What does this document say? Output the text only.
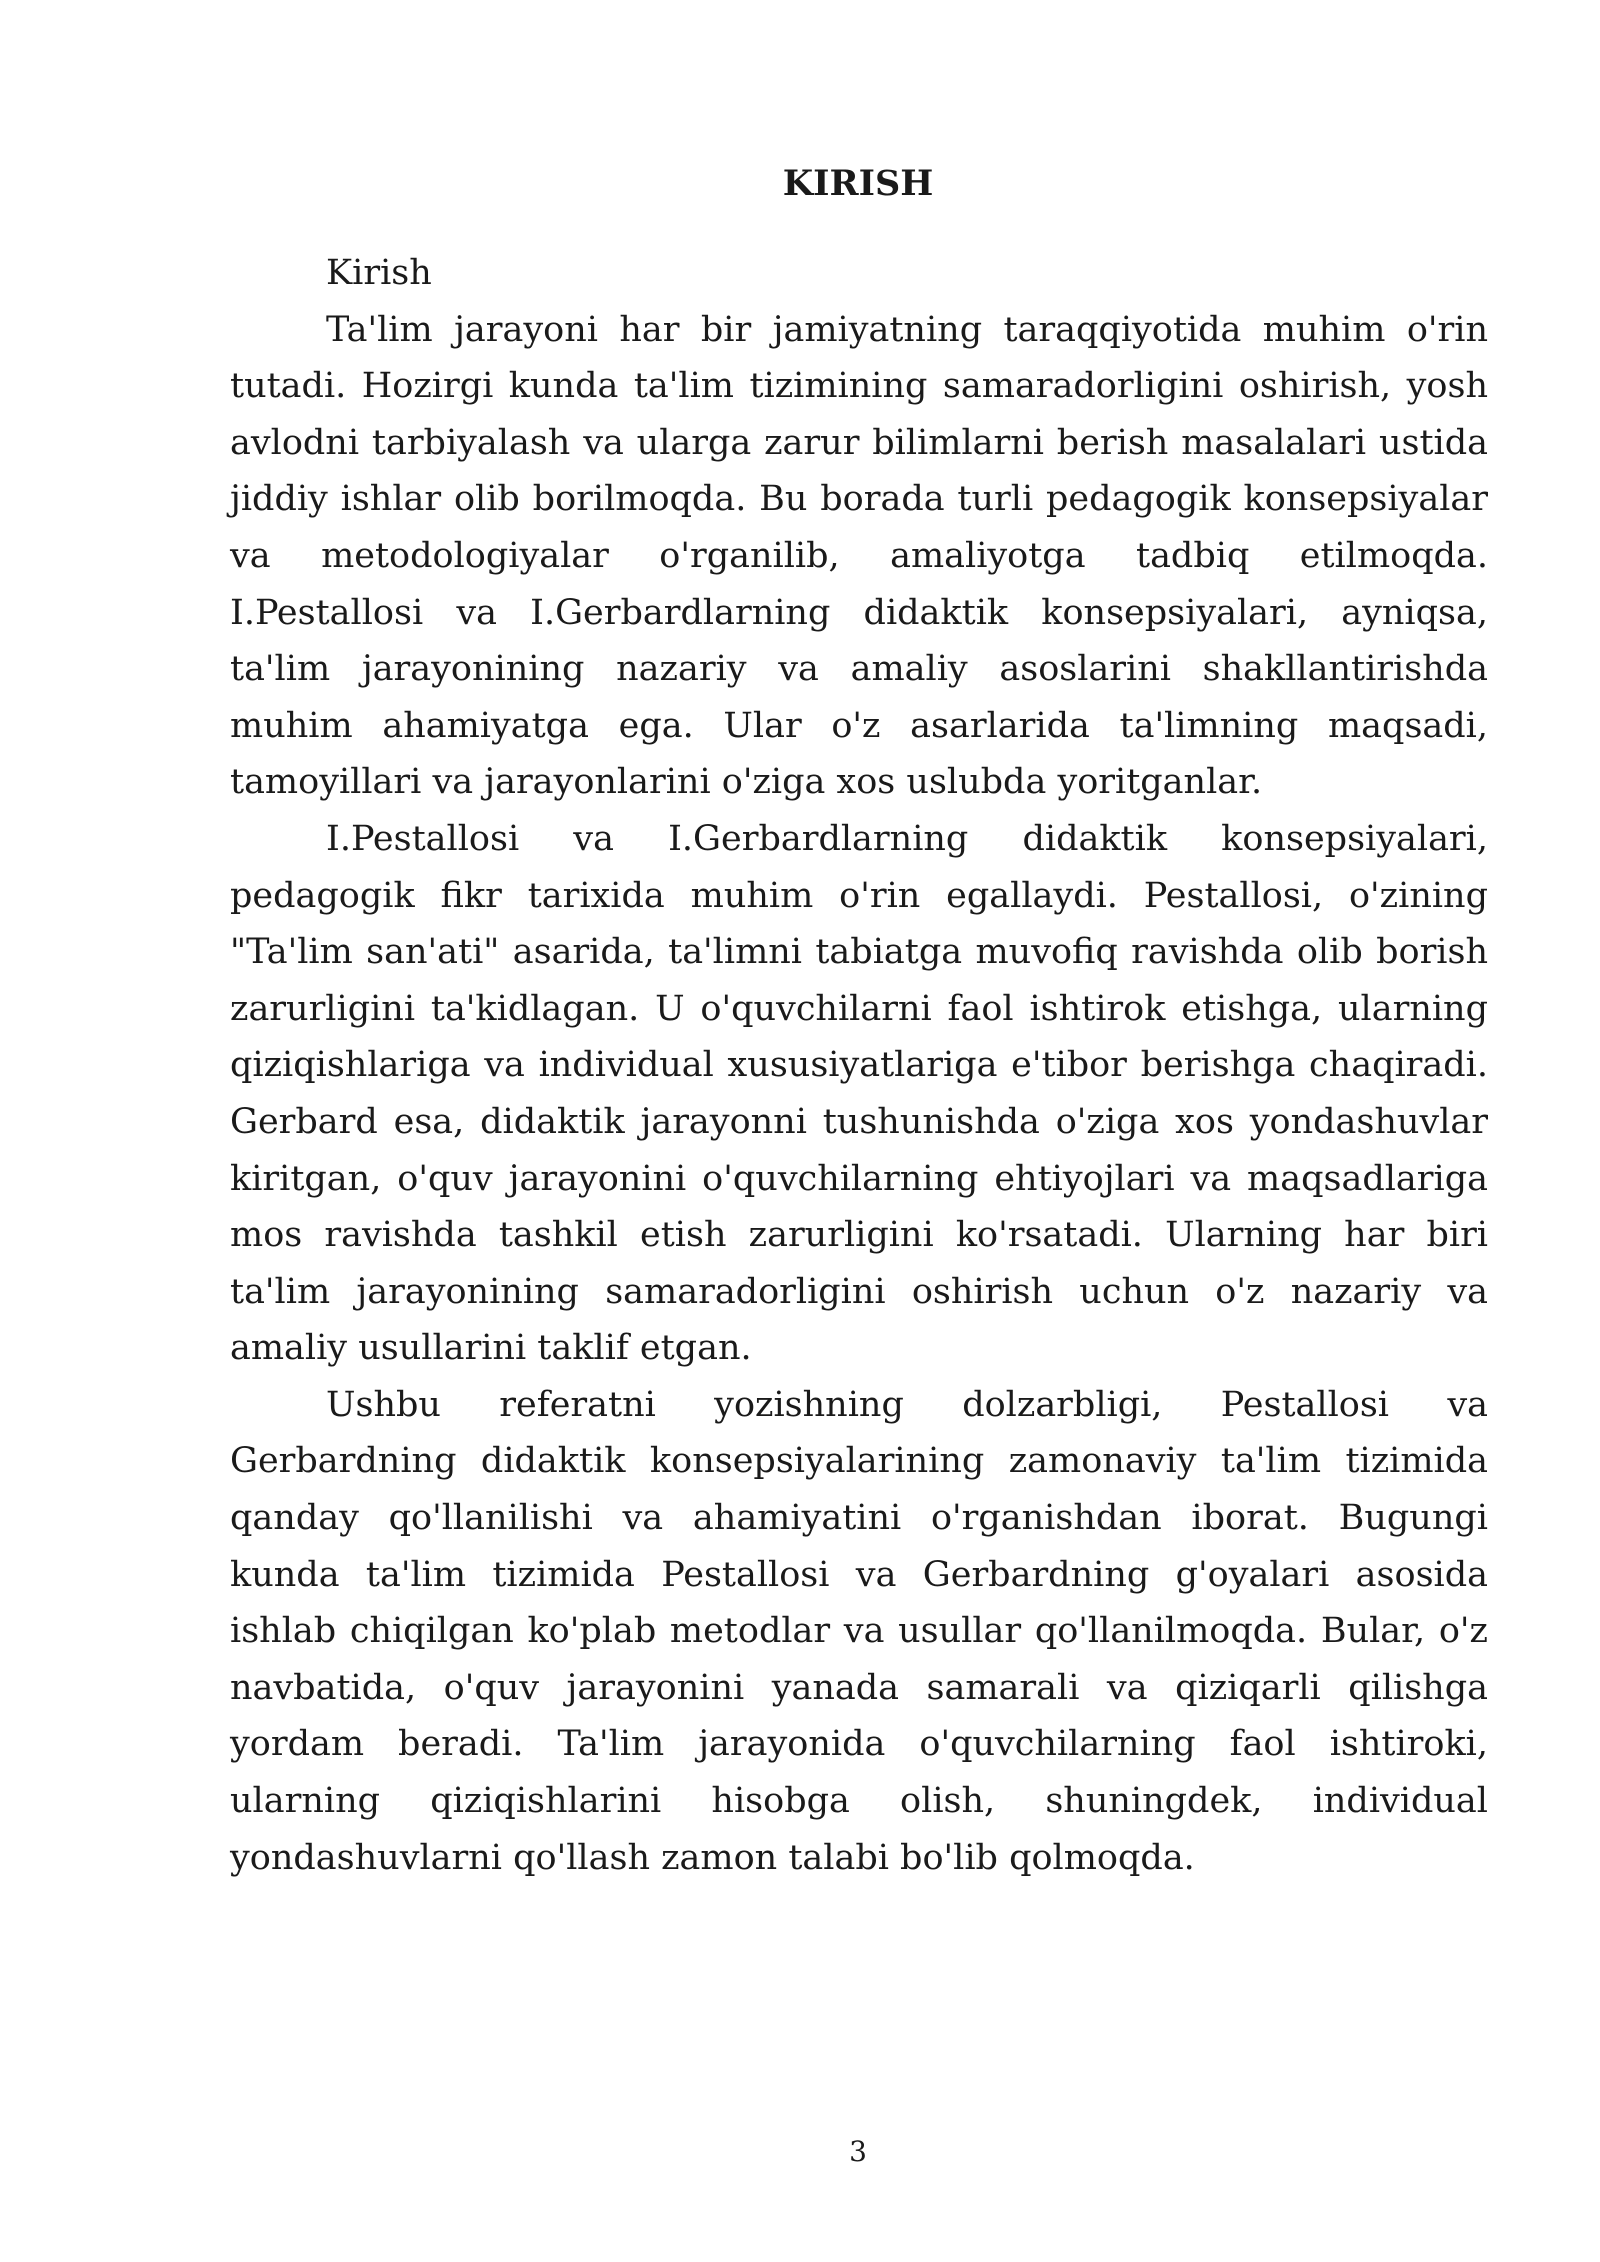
KIRISH

Kirish

Ta'lim jarayoni har bir jamiyatning taraqqiyotida muhim o'rin tutadi. Hozirgi kunda ta'lim tizimining samaradorligini oshirish, yosh avlodni tarbiyalash va ularga zarur bilimlarni berish masalalari ustida jiddiy ishlar olib borilmoqda. Bu borada turli pedagogik konsepsiyalar va metodologiyalar o'rganilib, amaliyotga tadbiq etilmoqda. I.Pestallosi va I.Gerbardlarning didaktik konsepsiyalari, ayniqsa, ta'lim jarayonining nazariy va amaliy asoslarini shakllantirishda muhim ahamiyatga ega. Ular o'z asarlarida ta'limning maqsadi, tamoyillari va jarayonlarini o'ziga xos uslubda yoritganlar.

I.Pestallosi va I.Gerbardlarning didaktik konsepsiyalari, pedagogik fikr tarixida muhim o'rin egallaydi. Pestallosi, o'zining "Ta'lim san'ati" asarida, ta'limni tabiatga muvofiq ravishda olib borish zarurligini ta'kidlagan. U o'quvchilarni faol ishtirok etishga, ularning qiziqishlariga va individual xususiyatlariga e'tibor berishga chaqiradi. Gerbard esa, didaktik jarayonni tushunishda o'ziga xos yondashuvlar kiritgan, o'quv jarayonini o'quvchilarning ehtiyojlari va maqsadlariga mos ravishda tashkil etish zarurligini ko'rsatadi. Ularning har biri ta'lim jarayonining samaradorligini oshirish uchun o'z nazariy va amaliy usullarini taklif etgan.

Ushbu referatni yozishning dolzarbligi, Pestallosi va Gerbardning didaktik konsepsiyalarining zamonaviy ta'lim tizimida qanday qo'llanilishi va ahamiyatini o'rganishdan iborat. Bugungi kunda ta'lim tizimida Pestallosi va Gerbardning g'oyalari asosida ishlab chiqilgan ko'plab metodlar va usullar qo'llanilmoqda. Bular, o'z navbatida, o'quv jarayonini yanada samarali va qiziqarli qilishga yordam beradi. Ta'lim jarayonida o'quvchilarning faol ishtiroki, ularning qiziqishlarini hisobga olish, shuningdek, individual yondashuvlarni qo'llash zamon talabi bo'lib qolmoqda.

3
